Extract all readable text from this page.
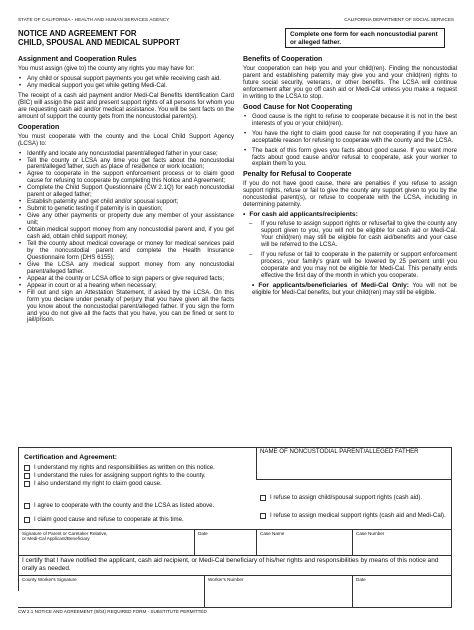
STATE OF CALIFORNIA - HEALTH AND HUMAN SERVICES AGENCY	CALIFORNIA DEPARTMENT OF SOCIAL SERVICES
NOTICE AND AGREEMENT FOR
CHILD, SPOUSAL AND MEDICAL SUPPORT
Complete one form for each noncustodial parent or alleged father.
Assignment and Cooperation Rules

You must assign (give to) the county any rights you may have for:

• Any child or spousal support payments you get while receiving cash aid.
• Any medical support you get while getting Medi-Cal.

The receipt of a cash aid payment and/or Medi-Cal Benefits Identification Card (BIC) will assign the past and present support rights of all persons for whom you are requesting cash aid and/or medical assistance. You will be sent facts on the amount of support the county gets from the noncustodial parent(s).

Cooperation

You must cooperate with the county and the Local Child Support Agency (LCSA) to:

• Identify and locate any noncustodial parent/alleged father in your case;
• Tell the county or LCSA any time you get facts about the noncustodial parent/alleged father, such as place of residence or work location;
• Agree to cooperate in the support enforcement process or to claim good cause for refusing to cooperate by completing this Notice and Agreement;
• Complete the Child Support Questionnaire (CW 2.1Q) for each noncustodial parent or alleged father;
• Establish paternity and get child and/or spousal support;
• Submit to genetic testing if paternity is in question;
• Give any other payments or property due any member of your assistance unit;
• Obtain medical support money from any noncustodial parent and, if you get cash aid, obtain child support money;
• Tell the county about medical coverage or money for medical services paid by the noncustodial parent and complete the Health Insurance Questionnaire form (DHS 6155);
• Give the LCSA any medical support money from any noncustodial parent/alleged father.
• Appear at the county or LCSA office to sign papers or give required facts;
• Appear in court or at a hearing when necessary;
• Fill out and sign an Attestation Statement, if asked by the LCSA. On this form you declare under penalty of perjury that you have given all the facts you know about the noncustodial parent/alleged father. If you sign the form and you do not give all the facts that you have, you can be fined or sent to jail/prison.
Benefits of Cooperation

Your cooperation can help you and your child(ren). Finding the noncustodial parent and establishing paternity may give you and your child(ren) rights to future social security, veterans, or other benefits. The LCSA will continue enforcement after you go off cash aid or Medi-Cal unless you make a request in writing to the LCSA to stop.

Good Cause for Not Cooperating
• Good cause is the right to refuse to cooperate because it is not in the best interests of you or your child(ren).
• You have the right to claim good cause for not cooperating if you have an acceptable reason for refusing to cooperate with the county and the LCSA.
• The back of this form gives you facts about good cause. If you want more facts about good cause and/or refusal to cooperate, ask your worker to explain them to you.
Penalty for Refusal to Cooperate

If you do not have good cause, there are penalties if you refuse to assign support rights, refuse or fail to give the county any support given to you by the noncustodial parent(s), or refuse to cooperate with the LCSA, including in determining paternity.

• For cash aid applicants/recipients:
– If you refuse to assign support rights or refuse/fail to give the county any support given to you, you will not be eligible for cash aid or Medi-Cal. Your child(ren) may still be eligible for cash aid/benefits and your case will be referred to the LCSA.
– If you refuse or fail to cooperate in the paternity or support enforcement process, your family's grant will be lowered by 25 percent until you cooperate and you may not be eligible for Medi-Cal. This penalty ends effective the first day of the month in which you cooperate.

• For applicants/beneficiaries of Medi-Cal Only: You will not be eligible for Medi-Cal benefits, but your child(ren) may still be eligible.

Certification and Agreement:
NAME OF NONCUSTODIAL PARENT/ALLEGED FATHER
I understand my rights and responsibilities as written on this notice.
I understand the rules for assigning support rights to the county.
I also understand my right to claim good cause.
I agree to cooperate with the county and the LCSA as listed above.
I claim good cause and refuse to cooperate at this time.
I refuse to assign child/spousal support rights (cash aid).
I refuse to assign medical support rights (cash aid and Medi-Cal).
Signature of Parent or Caretaker Relative,
or Medi-Cal Applicant/Beneficiary
Date	Case Name	Case Number
I certify that I have notified the applicant, cash aid recipient, or Medi-Cal beneficiary of his/her rights and responsibilities by means of this notice and orally as needed.
County Worker's Signature	Worker's Number	Date
CW 2.1 NOTICE AND AGREEMENT (8/04) REQUIRED FORM - SUBSTITUTE PERMITTED
